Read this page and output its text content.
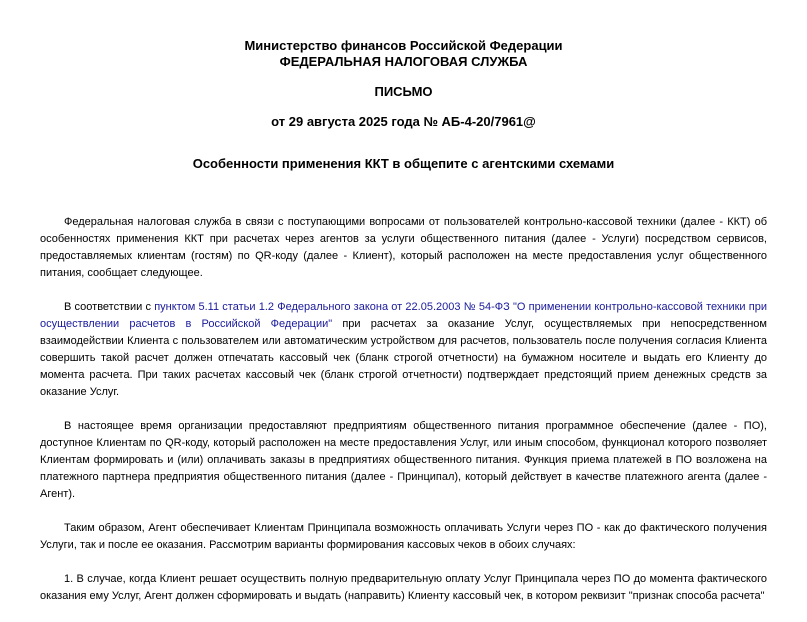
Министерство финансов Российской Федерации
ФЕДЕРАЛЬНАЯ НАЛОГОВАЯ СЛУЖБА
ПИСЬМО
от 29 августа 2025 года № АБ-4-20/7961@
Особенности применения ККТ в общепите с агентскими схемами

Федеральная налоговая служба в связи с поступающими вопросами от пользователей контрольно-кассовой техники (далее - ККТ) об особенностях применения ККТ при расчетах через агентов за услуги общественного питания (далее - Услуги) посредством сервисов, предоставляемых клиентам (гостям) по QR-коду (далее - Клиент), который расположен на месте предоставления услуг общественного питания, сообщает следующее.

В соответствии с пунктом 5.11 статьи 1.2 Федерального закона от 22.05.2003 № 54-ФЗ "О применении контрольно-кассовой техники при осуществлении расчетов в Российской Федерации" при расчетах за оказание Услуг, осуществляемых при непосредственном взаимодействии Клиента с пользователем или автоматическим устройством для расчетов, пользователь после получения согласия Клиента совершить такой расчет должен отпечатать кассовый чек (бланк строгой отчетности) на бумажном носителе и выдать его Клиенту до момента расчета. При таких расчетах кассовый чек (бланк строгой отчетности) подтверждает предстоящий прием денежных средств за оказание Услуг.

В настоящее время организации предоставляют предприятиям общественного питания программное обеспечение (далее - ПО), доступное Клиентам по QR-коду, который расположен на месте предоставления Услуг, или иным способом, функционал которого позволяет Клиентам формировать и (или) оплачивать заказы в предприятиях общественного питания. Функция приема платежей в ПО возложена на платежного партнера предприятия общественного питания (далее - Принципал), который действует в качестве платежного агента (далее - Агент).

Таким образом, Агент обеспечивает Клиентам Принципала возможность оплачивать Услуги через ПО - как до фактического получения Услуги, так и после ее оказания. Рассмотрим варианты формирования кассовых чеков в обоих случаях:

1. В случае, когда Клиент решает осуществить полную предварительную оплату Услуг Принципала через ПО до момента фактического оказания ему Услуг, Агент должен сформировать и выдать (направить) Клиенту кассовый чек, в котором реквизит "признак способа расчета"
